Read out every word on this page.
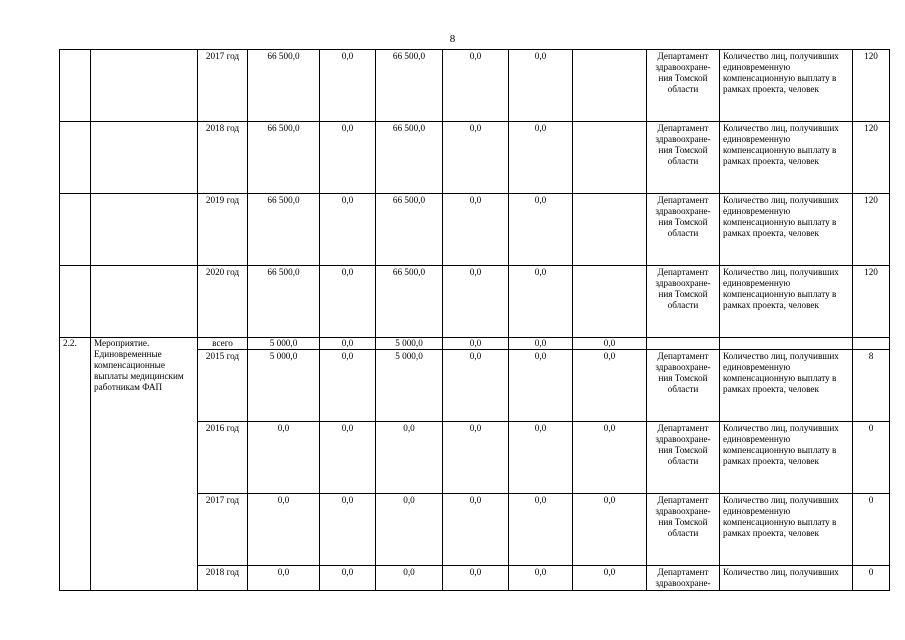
8
		2017 год	66 500,0	0,0	66 500,0	0,0	0,0		Департамент здравоохране- ния Томской области	Количество лиц, получивших единовременную компенсационную выплату в рамках проекта, человек	120
		2018 год	66 500,0	0,0	66 500,0	0,0	0,0		Департамент здравоохране- ния Томской области	Количество лиц, получивших единовременную компенсационную выплату в рамках проекта, человек	120
		2019 год	66 500,0	0,0	66 500,0	0,0	0,0		Департамент здравоохране- ния Томской области	Количество лиц, получивших единовременную компенсационную выплату в рамках проекта, человек	120
		2020 год	66 500,0	0,0	66 500,0	0,0	0,0		Департамент здравоохране- ния Томской области	Количество лиц, получивших единовременную компенсационную выплату в рамках проекта, человек	120
2.2.	Мероприятие. Единовременные компенсационные выплаты медицинским работникам ФАП	всего	5 000,0	0,0	5 000,0	0,0	0,0	0,0			
		2015 год	5 000,0	0,0	5 000,0	0,0	0,0	0,0	Департамент здравоохране- ния Томской области	Количество лиц, получивших единовременную компенсационную выплату в рамках проекта, человек	8
		2016 год	0,0	0,0	0,0	0,0	0,0	0,0	Департамент здравоохране- ния Томской области	Количество лиц, получивших единовременную компенсационную выплату в рамках проекта, человек	0
		2017 год	0,0	0,0	0,0	0,0	0,0	0,0	Департамент здравоохране- ния Томской области	Количество лиц, получивших единовременную компенсационную выплату в рамках проекта, человек	0
		2018 год	0,0	0,0	0,0	0,0	0,0	0,0	Департамент здравоохране-	Количество лиц, получивших	0
